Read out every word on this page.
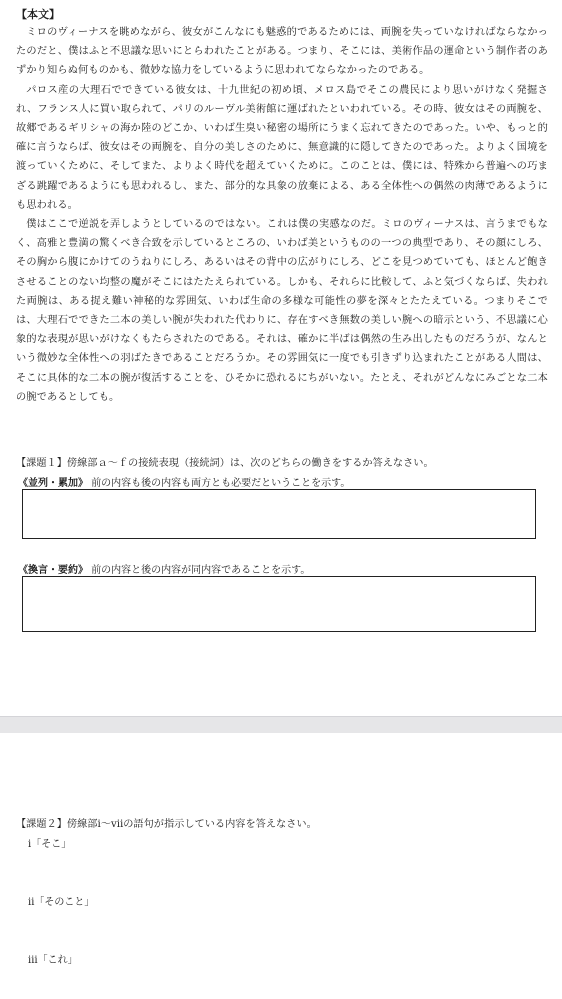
【本文】

ミロのヴィーナスを眺めながら、彼女がこんなにも魅惑的であるためには、両腕を失っていなければならなかったのだと、僕はふと不思議な思いにとらわれたことがある。つまり、そこには、美術作品の運命という制作者のあずかり知らぬ何ものかも、微妙な協力をしているように思われてならなかったのである。

パロス産の大理石でできている彼女は、十九世紀の初め頃、メロス島でそこの農民により思いがけなく発掘され、フランス人に買い取られて、パリのルーヴル美術館に運ばれたといわれている。その時、彼女はその両腕を、故郷であるギリシャの海か陸のどこか、いわば生臭い秘密の場所にうまく忘れてきたのであった。いや、もっと的確に言うならば、彼女はその両腕を、自分の美しさのために、無意識的に隠してきたのであった。よりよく国境を渡っていくために、そしてまた、よりよく時代を超えていくために。このことは、僕には、特殊から普遍への巧まざる跳躍であるようにも思われるし、また、部分的な具象の放棄による、ある全体性への偶然の肉薄であるようにも思われる。

僕はここで逆説を弄しようとしているのではない。これは僕の実感なのだ。ミロのヴィーナスは、言うまでもなく、高雅と豊満の驚くべき合致を示しているところの、いわば美というものの一つの典型であり、その顔にしろ、その胸から腹にかけてのうねりにしろ、あるいはその背中の広がりにしろ、どこを見つめていても、ほとんど飽きさせることのない均整の魔がそこにはたたえられている。しかも、それらに比較して、ふと気づくならば、失われた両腕は、ある捉え難い神秘的な雰囲気、いわば生命の多様な可能性の夢を深々とたたえている。つまりそこでは、大理石でできた二本の美しい腕が失われた代わりに、存在すべき無数の美しい腕への暗示という、不思議に心象的な表現が思いがけなくもたらされたのである。それは、確かに半ばは偶然の生み出したものだろうが、なんという微妙な全体性への羽ばたきであることだろうか。その雰囲気に一度でも引きずり込まれたことがある人間は、そこに具体的な二本の腕が復活することを、ひそかに恐れるにちがいない。たとえ、それがどんなにみごとな二本の腕であるとしても。

【課題１】傍線部ａ～ｆの接続表現（接続詞）は、次のどちらの働きをするか答えなさい。
《並列・累加》 前の内容も後の内容も両方とも必要だということを示す。
《換言・要約》 前の内容と後の内容が同内容であることを示す。
【課題２】傍線部ⅰ～ⅶの語句が指示している内容を答えなさい。
ⅰ「そこ」
ⅱ「そのこと」
ⅲ「これ」
